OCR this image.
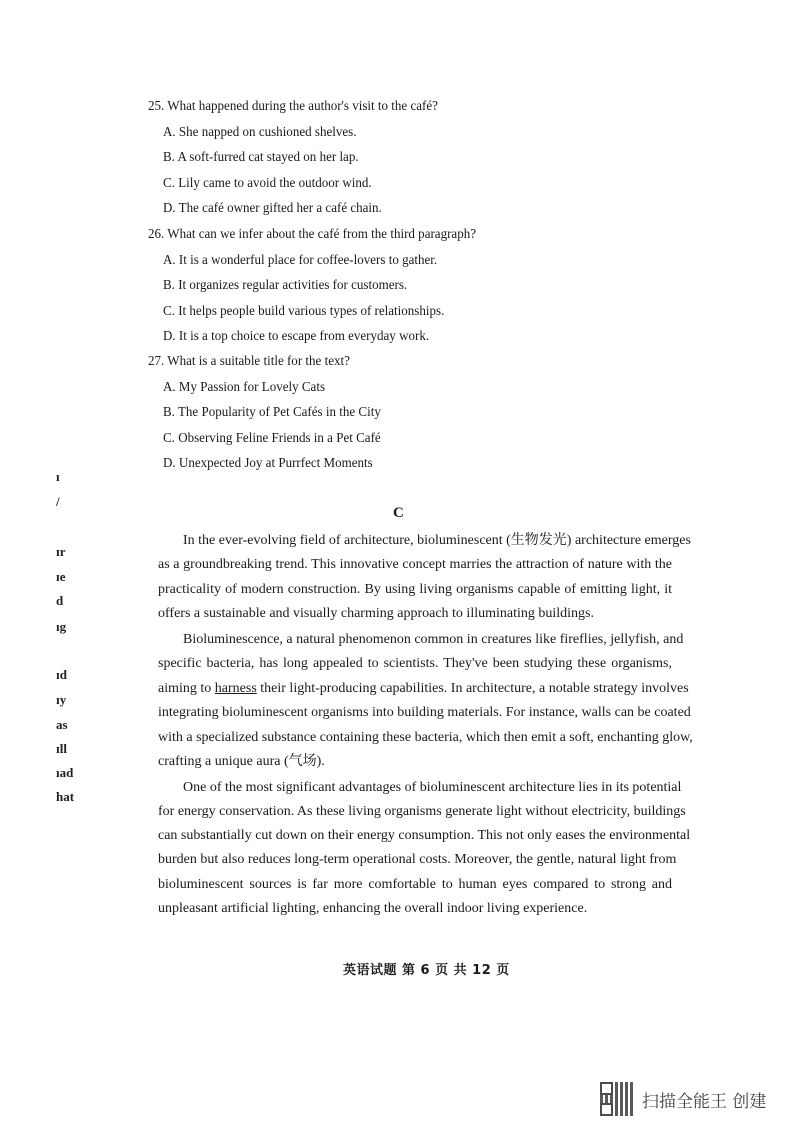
25. What happened during the author's visit to the café?
A. She napped on cushioned shelves.
B. A soft-furred cat stayed on her lap.
C. Lily came to avoid the outdoor wind.
D. The café owner gifted her a café chain.
26. What can we infer about the café from the third paragraph?
A. It is a wonderful place for coffee-lovers to gather.
B. It organizes regular activities for customers.
C. It helps people build various types of relationships.
D. It is a top choice to escape from everyday work.
27. What is a suitable title for the text?
A. My Passion for Lovely Cats
B. The Popularity of Pet Cafés in the City
C. Observing Feline Friends in a Pet Café
D. Unexpected Joy at Purrfect Moments
In the ever-evolving field of architecture, bioluminescent (生物发光) architecture emerges
as a groundbreaking trend. This innovative concept marries the attraction of nature with the
practicality of modern construction. By using living organisms capable of emitting light, it
offers a sustainable and visually charming approach to illuminating buildings.
Bioluminescence, a natural phenomenon common in creatures like fireflies, jellyfish, and
specific bacteria, has long appealed to scientists. They've been studying these organisms,
aiming to harness their light-producing capabilities. In architecture, a notable strategy involves
integrating bioluminescent organisms into building materials. For instance, walls can be coated
with a specialized substance containing these bacteria, which then emit a soft, enchanting glow,
crafting a unique aura (气场).
One of the most significant advantages of bioluminescent architecture lies in its potential
for energy conservation. As these living organisms generate light without electricity, buildings
can substantially cut down on their energy consumption. This not only eases the environmental
burden but also reduces long-term operational costs. Moreover, the gentle, natural light from
bioluminescent sources is far more comfortable to human eyes compared to strong and
unpleasant artificial lighting, enhancing the overall indoor living experience.
ı
/
ɪr
ɪe
d
ıg
ɪd
ɪy
as
ɪll
ıad
hat
C
英语试题 第 6 页 共 12 页
扫描全能王 创建
